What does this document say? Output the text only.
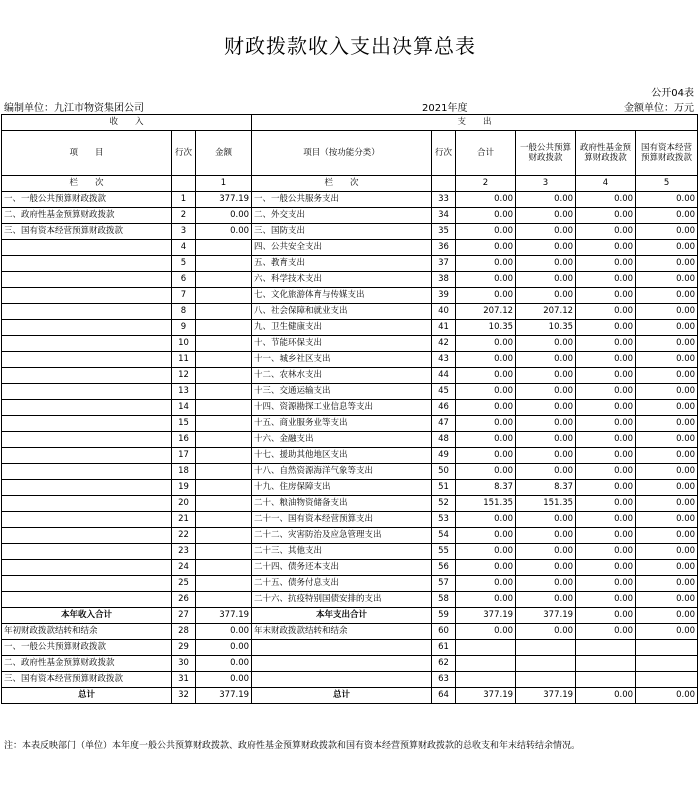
财政拨款收入支出决算总表
公开04表
编制单位：九江市物资集团公司	2021年度	金额单位：万元
收　　入			支　　出					
项　　目	行次	金额	项目（按功能分类）	行次	合计	一般公共预算财政拨款	政府性基金预算财政拨款	国有资本经营预算财政拨款

栏　　次		1	栏　　次		2	3	4	5
一、一般公共预算财政拨款	1	377.19	一、一般公共服务支出	33	0.00	0.00	0.00	0.00
二、政府性基金预算财政拨款	2	0.00	二、外交支出	34	0.00	0.00	0.00	0.00
三、国有资本经营预算财政拨款	3	0.00	三、国防支出	35	0.00	0.00	0.00	0.00
	4		四、公共安全支出	36	0.00	0.00	0.00	0.00
	5		五、教育支出	37	0.00	0.00	0.00	0.00
	6		六、科学技术支出	38	0.00	0.00	0.00	0.00
	7		七、文化旅游体育与传媒支出	39	0.00	0.00	0.00	0.00
	8		八、社会保障和就业支出	40	207.12	207.12	0.00	0.00
	9		九、卫生健康支出	41	10.35	10.35	0.00	0.00
	10		十、节能环保支出	42	0.00	0.00	0.00	0.00
	11		十一、城乡社区支出	43	0.00	0.00	0.00	0.00
	12		十二、农林水支出	44	0.00	0.00	0.00	0.00
	13		十三、交通运输支出	45	0.00	0.00	0.00	0.00
	14		十四、资源勘探工业信息等支出	46	0.00	0.00	0.00	0.00
	15		十五、商业服务业等支出	47	0.00	0.00	0.00	0.00
	16		十六、金融支出	48	0.00	0.00	0.00	0.00
	17		十七、援助其他地区支出	49	0.00	0.00	0.00	0.00
	18		十八、自然资源海洋气象等支出	50	0.00	0.00	0.00	0.00
	19		十九、住房保障支出	51	8.37	8.37	0.00	0.00
	20		二十、粮油物资储备支出	52	151.35	151.35	0.00	0.00
	21		二十一、国有资本经营预算支出	53	0.00	0.00	0.00	0.00
	22		二十二、灾害防治及应急管理支出	54	0.00	0.00	0.00	0.00
	23		二十三、其他支出	55	0.00	0.00	0.00	0.00
	24		二十四、债务还本支出	56	0.00	0.00	0.00	0.00
	25		二十五、债务付息支出	57	0.00	0.00	0.00	0.00
	26		二十六、抗疫特别国债安排的支出	58	0.00	0.00	0.00	0.00
本年收入合计	27	377.19	本年支出合计	59	377.19	377.19	0.00	0.00
年初财政拨款结转和结余	28	0.00	年末财政拨款结转和结余	60	0.00	0.00	0.00	0.00
一、一般公共预算财政拨款	29	0.00		61				
二、政府性基金预算财政拨款	30	0.00		62				
三、国有资本经营预算财政拨款	31	0.00		63				
总计	32	377.19	总计	64	377.19	377.19	0.00	0.00
注：本表反映部门（单位）本年度一般公共预算财政拨款、政府性基金预算财政拨款和国有资本经营预算财政拨款的总收支和年末结转结余情况。
